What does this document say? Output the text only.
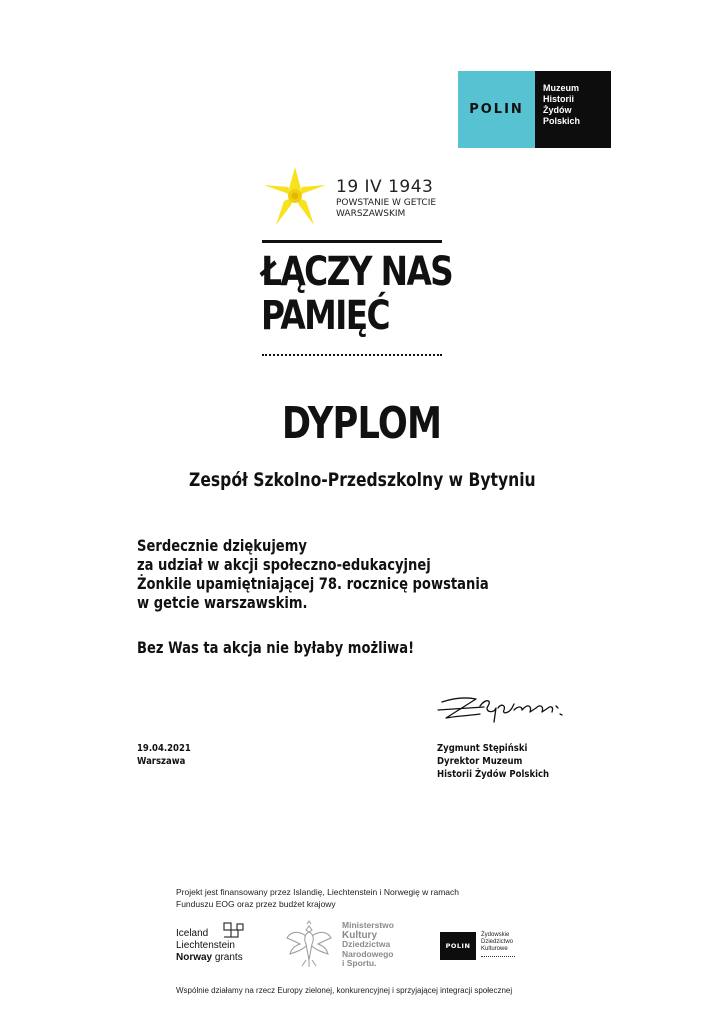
POLIN
Muzeum
Historii
Żydów
Polskich
19 IV 1943
POWSTANIE W GETCIE
WARSZAWSKIM
ŁĄCZY NAS
PAMIĘĆ
DYPLOM
Zespół Szkolno-Przedszkolny w Bytyniu
Serdecznie dziękujemy
za udział w akcji społeczno-edukacyjnej
Żonkile upamiętniającej 78. rocznicę powstania
w getcie warszawskim.
Bez Was ta akcja nie byłaby możliwa!
19.04.2021
Warszawa
Zygmunt Stępiński
Dyrektor Muzeum
Historii Żydów Polskich
Projekt jest finansowany przez Islandię, Liechtenstein i Norwegię w ramach
Funduszu EOG oraz przez budżet krajowy
Iceland
Liechtenstein
Norway grants
Ministerstwo
Kultury
Dziedzictwa
Narodowego
i Sportu.
POLIN
Żydowskie
Dziedzictwo
Kulturowe
Wspólnie działamy na rzecz Europy zielonej, konkurencyjnej i sprzyjającej integracji społecznej
